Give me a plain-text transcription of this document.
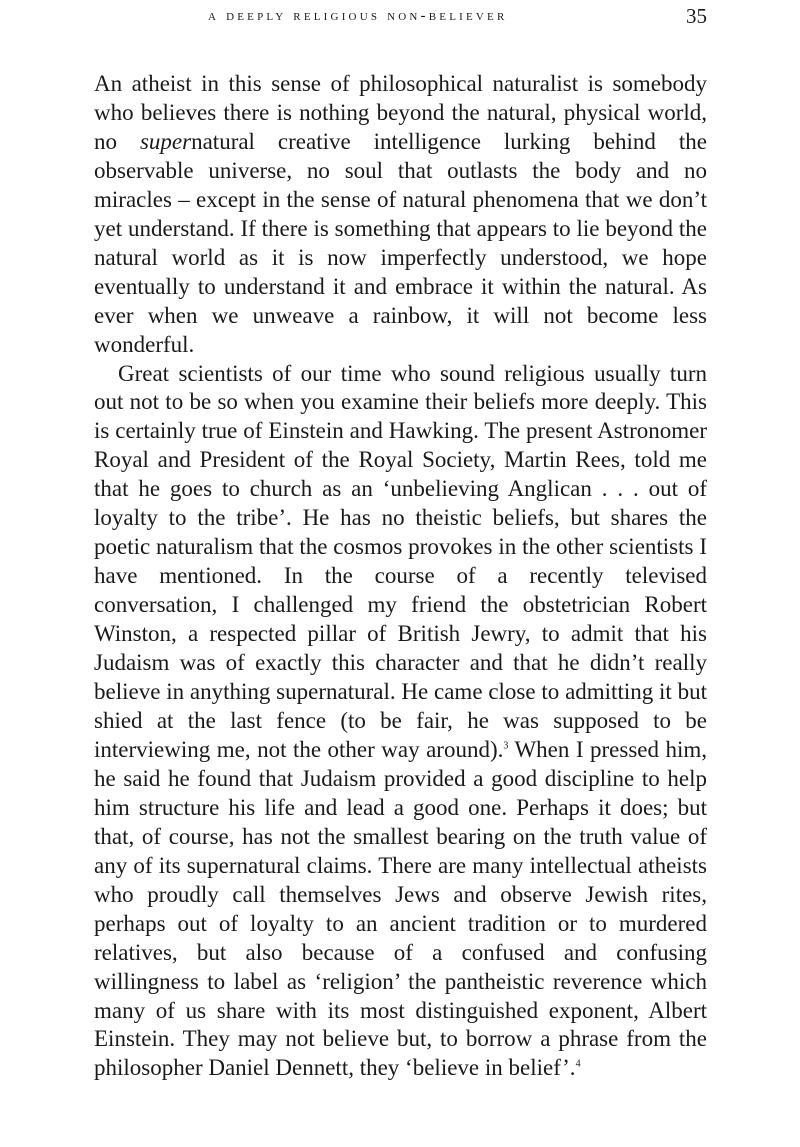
a deeply religious non-believer	35

An atheist in this sense of philosophical naturalist is somebody who believes there is nothing beyond the natural, physical world, no supernatural creative intelligence lurking behind the observable universe, no soul that outlasts the body and no miracles – except in the sense of natural phenomena that we don’t yet understand. If there is something that appears to lie beyond the natural world as it is now imperfectly understood, we hope eventually to understand it and embrace it within the natural. As ever when we unweave a rainbow, it will not become less wonderful.

Great scientists of our time who sound religious usually turn out not to be so when you examine their beliefs more deeply. This is certainly true of Einstein and Hawking. The present Astronomer Royal and President of the Royal Society, Martin Rees, told me that he goes to church as an ‘unbelieving Anglican . . . out of loyalty to the tribe’. He has no theistic beliefs, but shares the poetic naturalism that the cosmos provokes in the other scientists I have mentioned. In the course of a recently televised conversation, I challenged my friend the obstetrician Robert Winston, a respected pillar of British Jewry, to admit that his Judaism was of exactly this character and that he didn’t really believe in anything supernatural. He came close to admitting it but shied at the last fence (to be fair, he was supposed to be interviewing me, not the other way around).$^3$ When I pressed him, he said he found that Judaism provided a good discipline to help him structure his life and lead a good one. Perhaps it does; but that, of course, has not the smallest bearing on the truth value of any of its supernatural claims. There are many intellectual atheists who proudly call themselves Jews and observe Jewish rites, perhaps out of loyalty to an ancient tradition or to murdered relatives, but also because of a confused and confusing willingness to label as ‘religion’ the pantheistic reverence which many of us share with its most distinguished exponent, Albert Einstein. They may not believe but, to borrow a phrase from the philosopher Daniel Dennett, they ‘believe in belief’.$^4$
